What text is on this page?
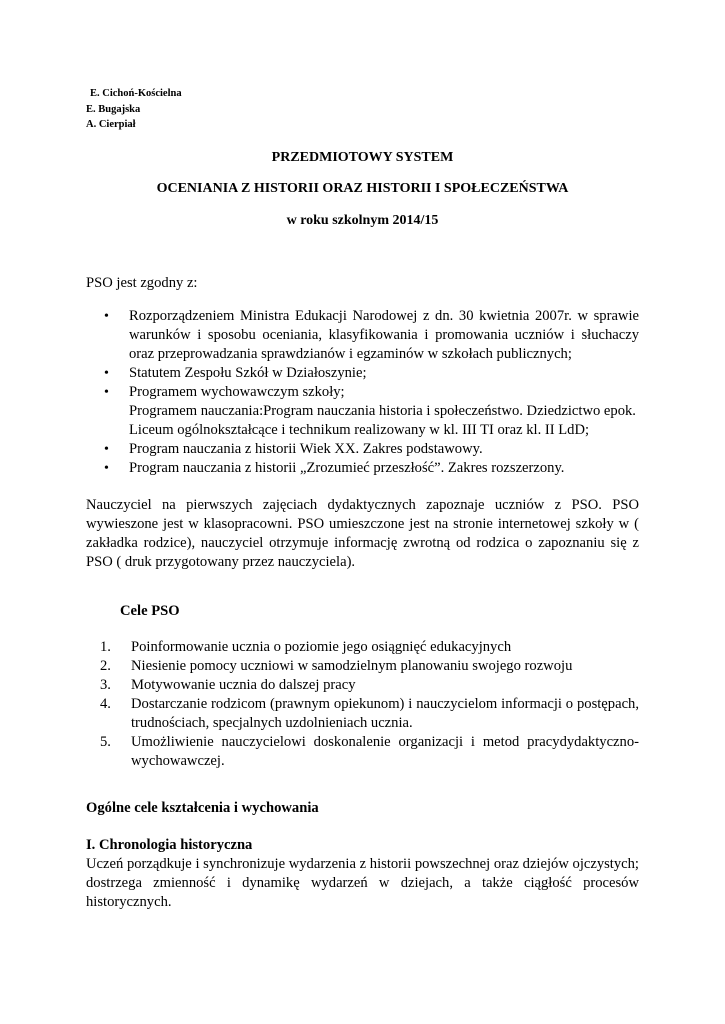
E. Cichoń-Kościelna
E. Bugajska
A. Cierpiał
PRZEDMIOTOWY SYSTEM
OCENIANIA Z HISTORII ORAZ HISTORII I SPOŁECZEŃSTWA
w roku szkolnym 2014/15
PSO jest zgodny z:
• Rozporządzeniem Ministra Edukacji Narodowej z dn. 30 kwietnia 2007r. w sprawie warunków i sposobu oceniania, klasyfikowania i promowania uczniów i słuchaczy oraz przeprowadzania sprawdzianów i egzaminów w szkołach publicznych;
• Statutem Zespołu Szkół w Działoszynie;
• Programem wychowawczym szkoły;
Programem nauczania:Program nauczania historia i społeczeństwo. Dziedzictwo epok. Liceum ogólnokształcące i technikum realizowany w kl. III TI oraz kl. II LdD;
• Program nauczania z historii Wiek XX. Zakres podstawowy.
• Program nauczania z historii „Zrozumieć przeszłość”. Zakres rozszerzony.
Nauczyciel na pierwszych zajęciach dydaktycznych zapoznaje uczniów z PSO. PSO wywieszone jest w klasopracowni. PSO umieszczone jest na stronie internetowej szkoły w ( zakładka rodzice), nauczyciel otrzymuje informację zwrotną od rodzica o zapoznaniu się z PSO ( druk przygotowany przez nauczyciela).
Cele PSO
1. Poinformowanie ucznia o poziomie jego osiągnięć edukacyjnych
2. Niesienie pomocy uczniowi w samodzielnym planowaniu swojego rozwoju
3. Motywowanie ucznia do dalszej pracy
4. Dostarczanie rodzicom (prawnym opiekunom) i nauczycielom informacji o postępach, trudnościach, specjalnych uzdolnieniach ucznia.
5. Umożliwienie nauczycielowi doskonalenie organizacji i metod pracydydaktyczno-wychowawczej.
Ogólne cele kształcenia i wychowania
I. Chronologia historyczna
Uczeń porządkuje i synchronizuje wydarzenia z historii powszechnej oraz dziejów ojczystych; dostrzega zmienność i dynamikę wydarzeń w dziejach, a także ciągłość procesów historycznych.
